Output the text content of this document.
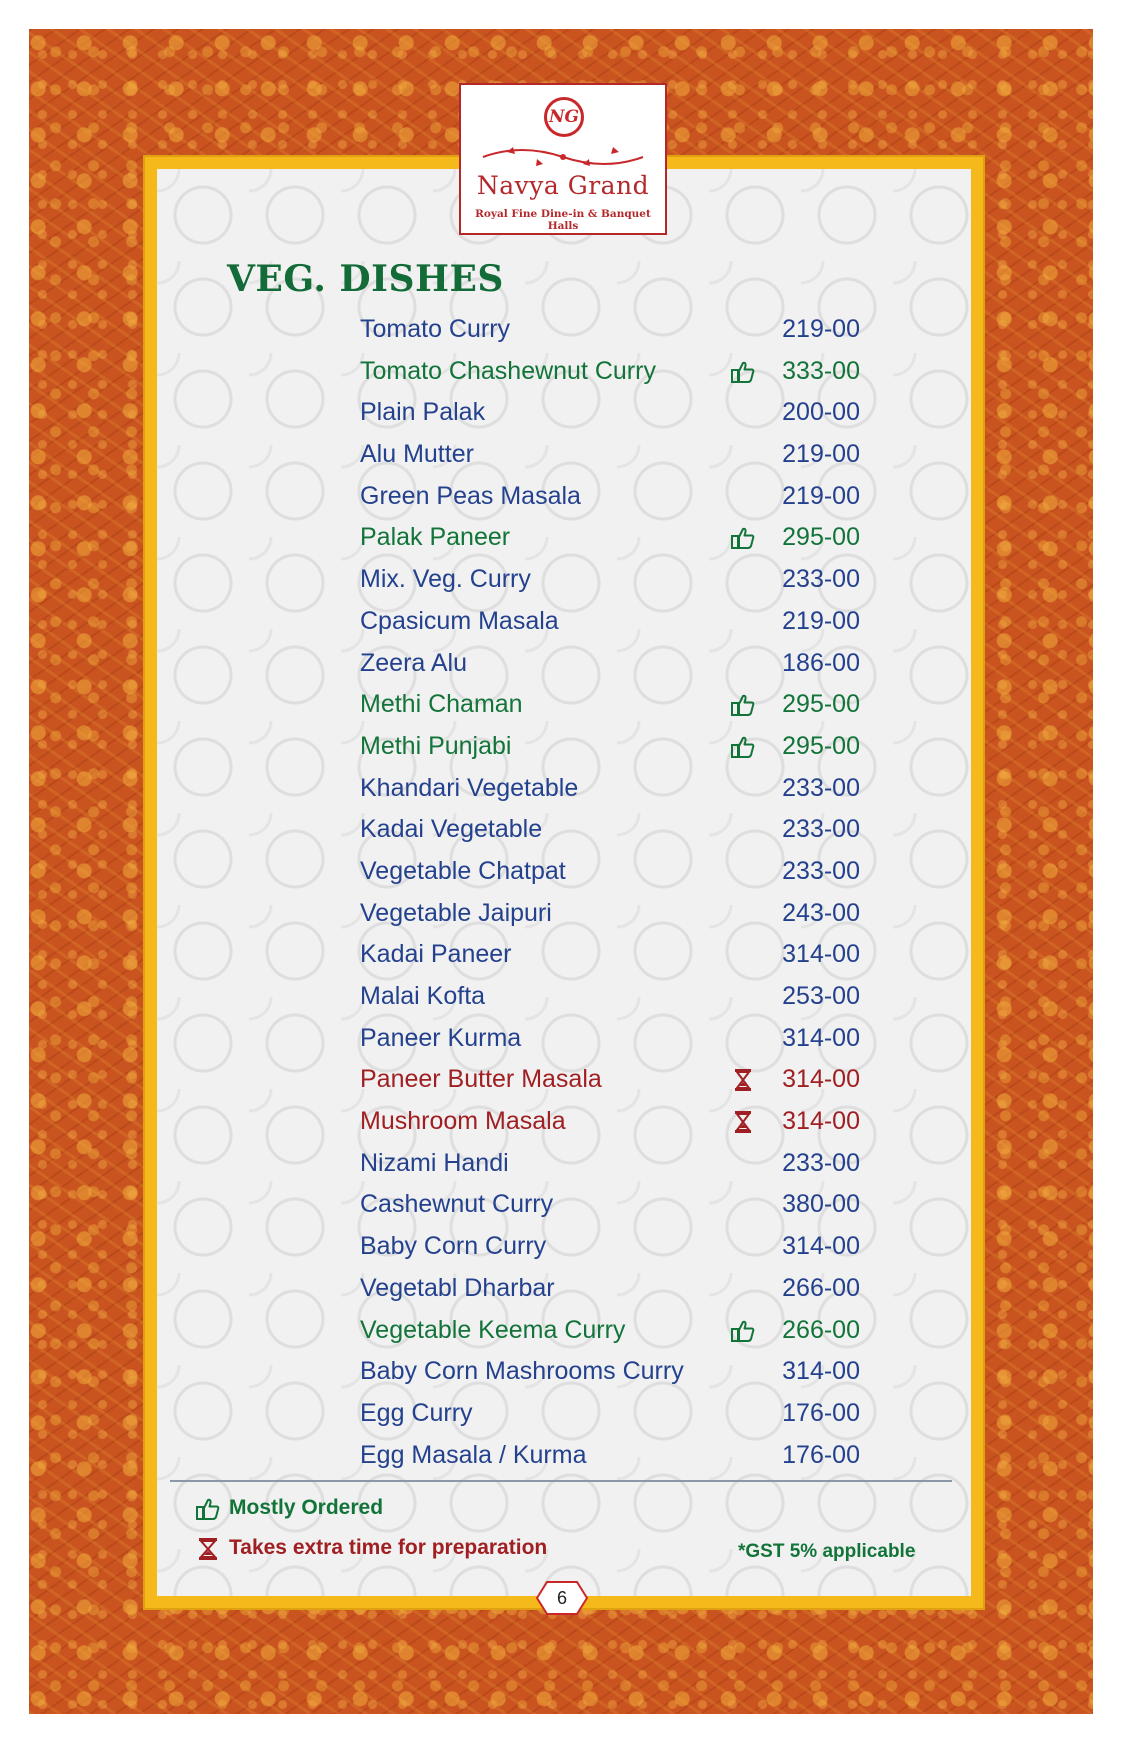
NG
Navya Grand
Royal Fine Dine-in & Banquet Halls
VEG. DISHES
Tomato Curry	219-00
Tomato Chashewnut Curry	333-00
Plain Palak	200-00
Alu Mutter	219-00
Green Peas Masala	219-00
Palak Paneer	295-00
Mix. Veg. Curry	233-00
Cpasicum Masala	219-00
Zeera Alu	186-00
Methi Chaman	295-00
Methi Punjabi	295-00
Khandari Vegetable	233-00
Kadai Vegetable	233-00
Vegetable Chatpat	233-00
Vegetable Jaipuri	243-00
Kadai Paneer	314-00
Malai Kofta	253-00
Paneer Kurma	314-00
Paneer Butter Masala	314-00
Mushroom Masala	314-00
Nizami Handi	233-00
Cashewnut Curry	380-00
Baby Corn Curry	314-00
Vegetabl Dharbar	266-00
Vegetable Keema Curry	266-00
Baby Corn Mashrooms Curry	314-00
Egg Curry	176-00
Egg Masala / Kurma	176-00
Mostly Ordered
Takes extra time for preparation	*GST 5% applicable
6
